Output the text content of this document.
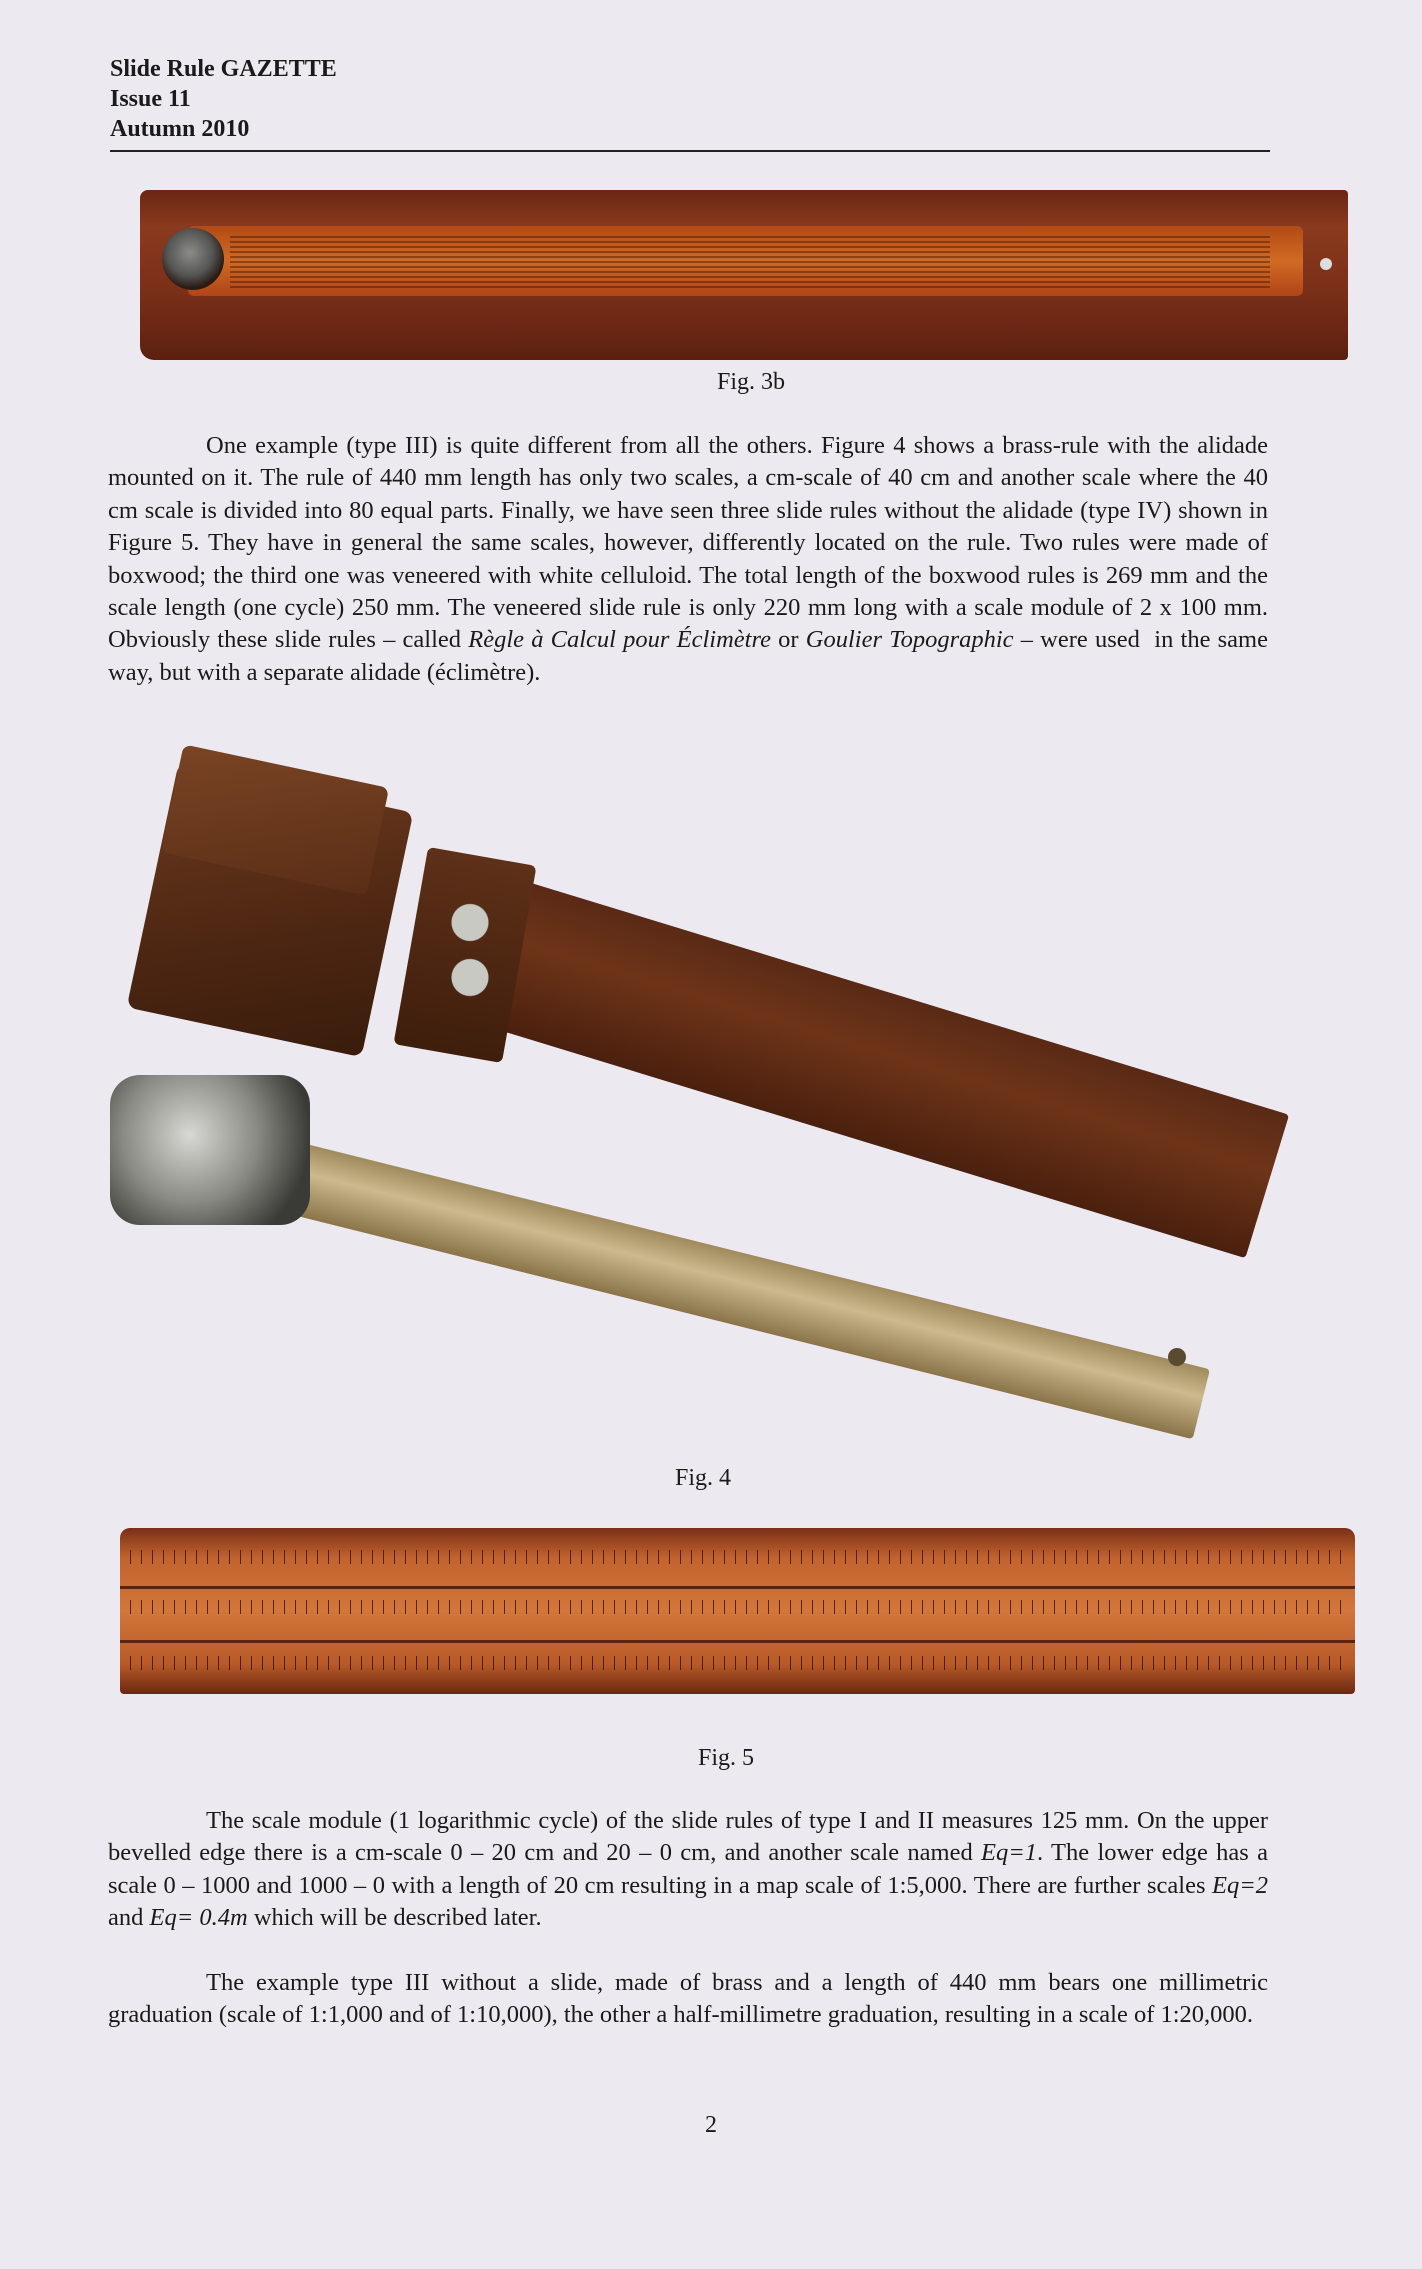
Slide Rule GAZETTE
Issue 11
Autumn 2010
Fig. 3b

One example (type III) is quite different from all the others. Figure 4 shows a brass-rule with the alidade mounted on it. The rule of 440 mm length has only two scales, a cm-scale of 40 cm and another scale where the 40 cm scale is divided into 80 equal parts. Finally, we have seen three slide rules without the alidade (type IV) shown in Figure 5. They have in general the same scales, however, differently located on the rule. Two rules were made of boxwood; the third one was veneered with white celluloid. The total length of the boxwood rules is 269 mm and the scale length (one cycle) 250 mm. The veneered slide rule is only 220 mm long with a scale module of 2 x 100 mm. Obviously these slide rules – called Règle à Calcul pour Éclimètre or Goulier Topographic – were used  in the same way, but with a separate alidade (éclimètre).

Fig. 4
Fig. 5

The scale module (1 logarithmic cycle) of the slide rules of type I and II measures 125 mm. On the upper bevelled edge there is a cm-scale 0 – 20 cm and 20 – 0 cm, and another scale named Eq=1. The lower edge has a scale 0 – 1000 and 1000 – 0 with a length of 20 cm resulting in a map scale of 1:5,000. There are further scales Eq=2 and Eq= 0.4m which will be described later.

The example type III without a slide, made of brass and a length of 440 mm bears one millimetric graduation (scale of 1:1,000 and of 1:10,000), the other a half-millimetre graduation, resulting in a scale of 1:20,000.

2
